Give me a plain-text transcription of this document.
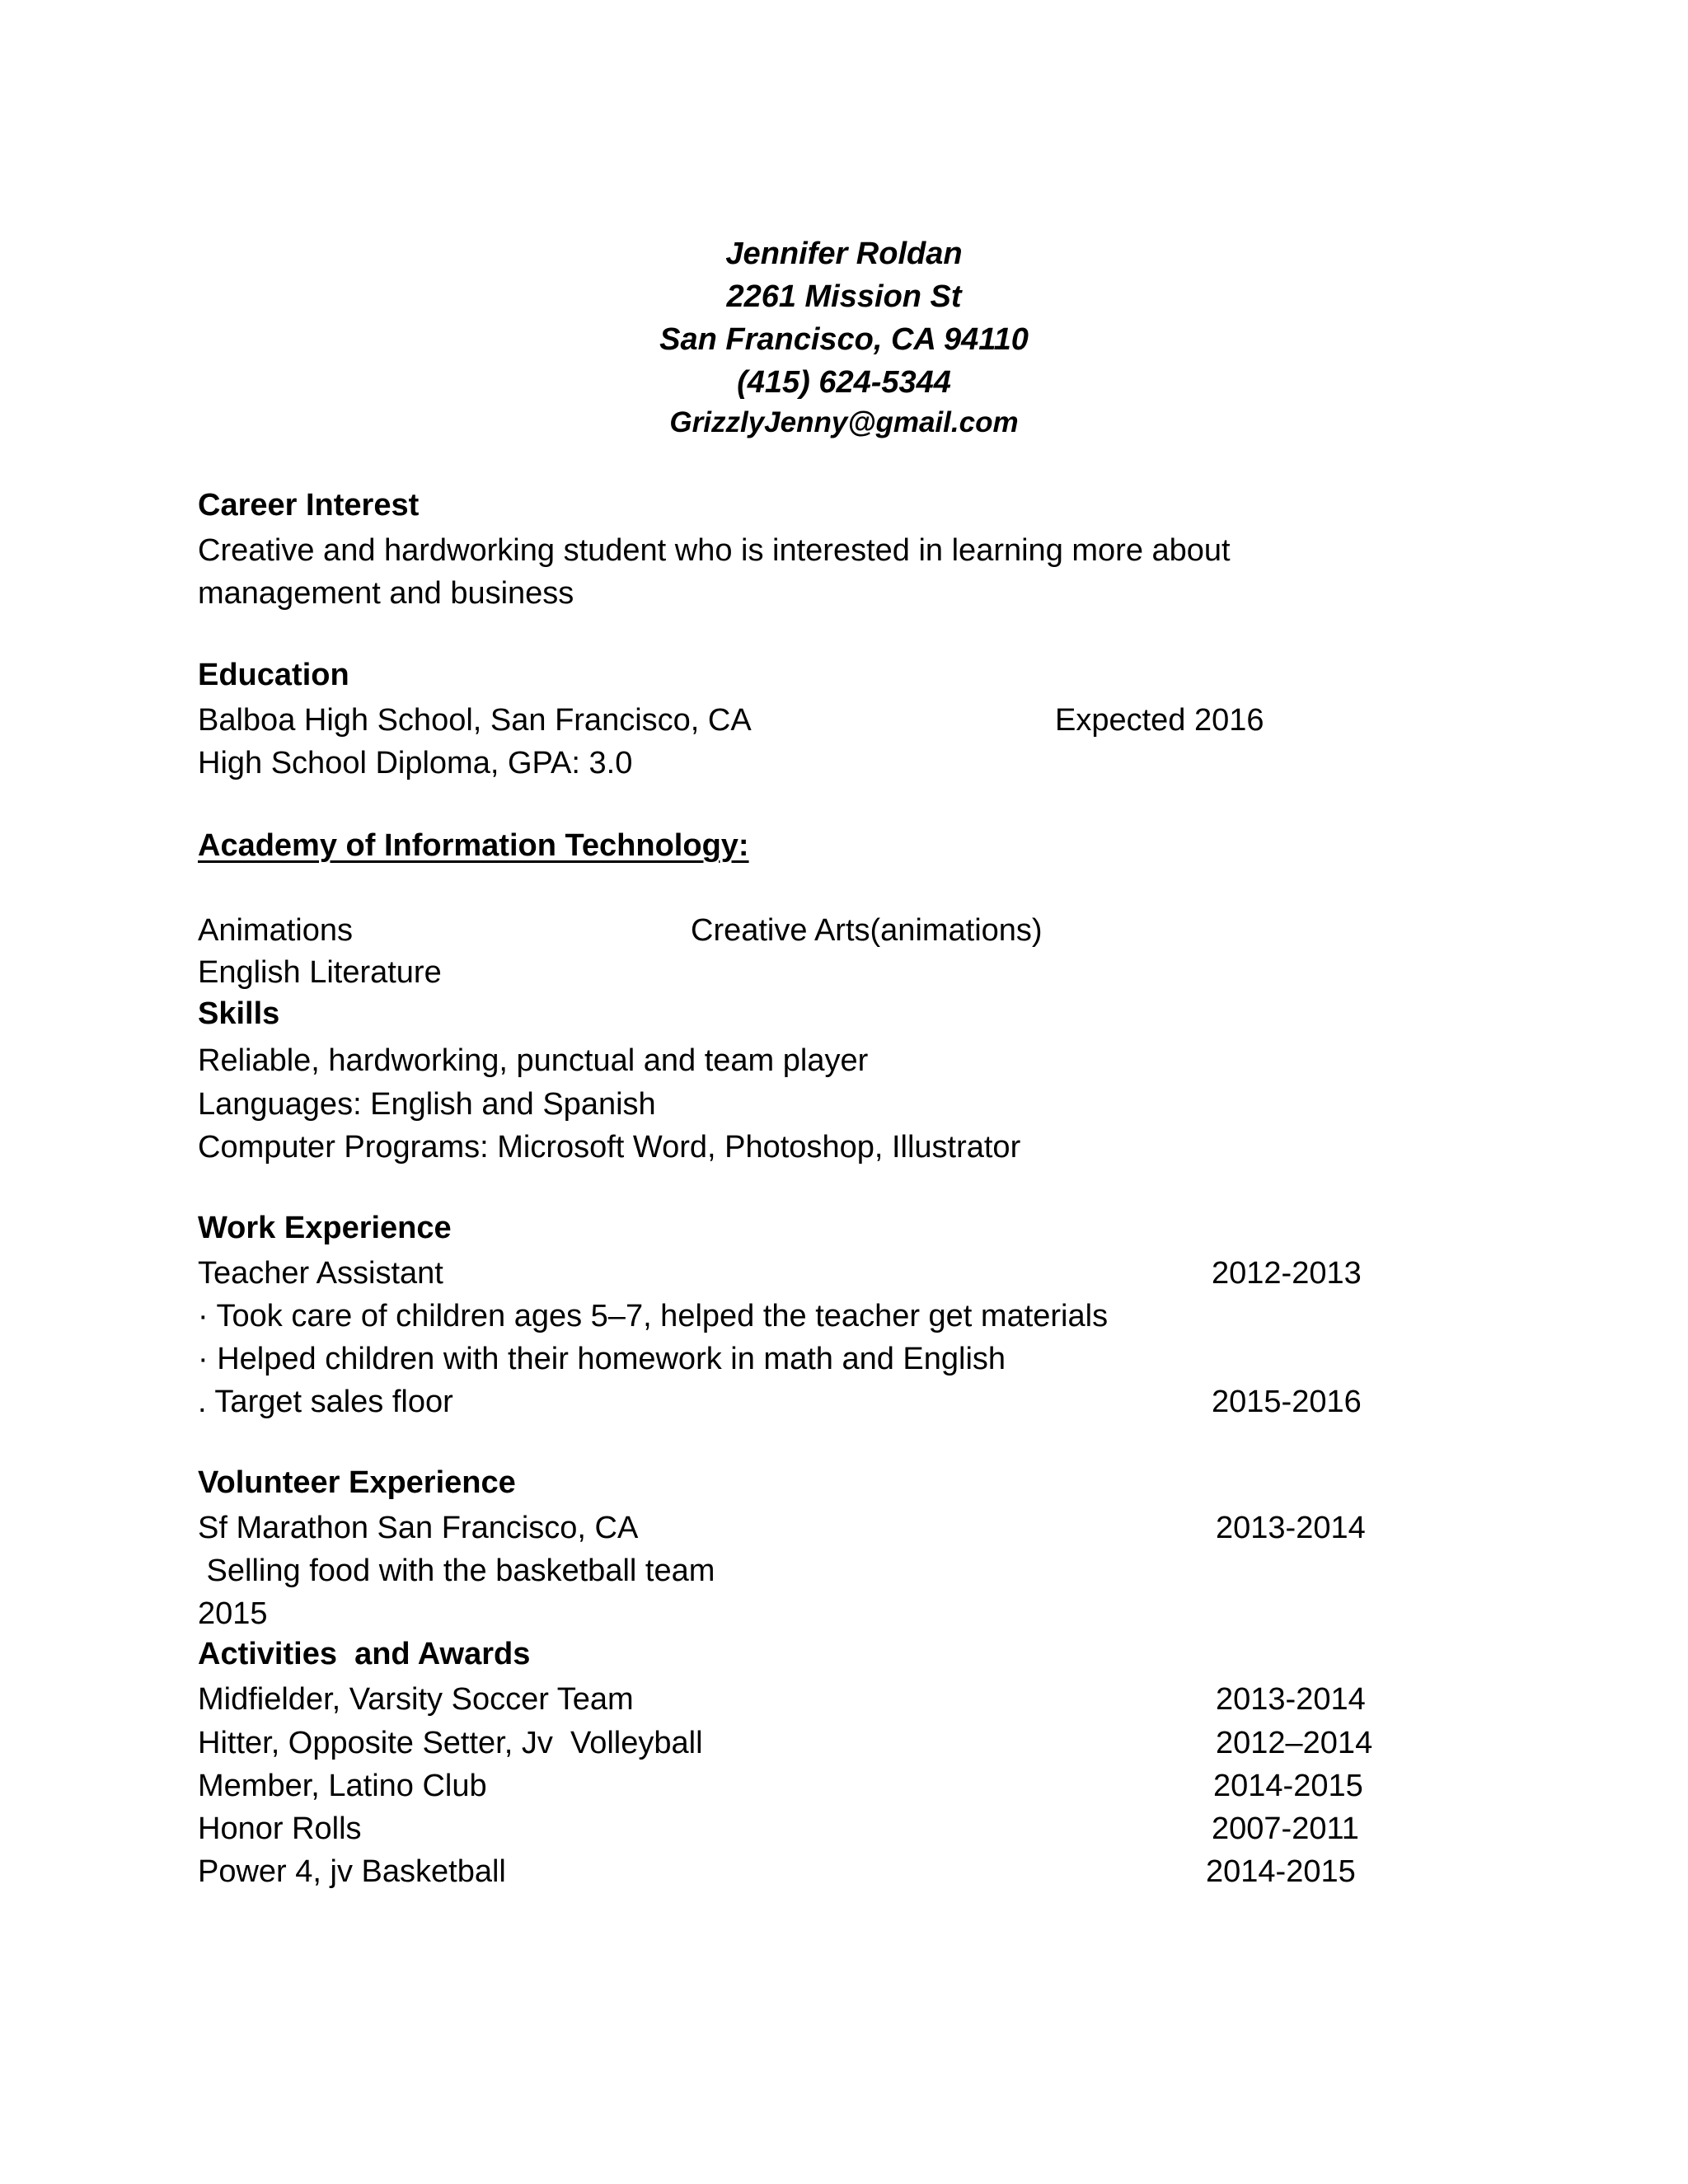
Jennifer Roldan
2261 Mission St
San Francisco, CA 94110
(415) 624-5344
GrizzlyJenny@gmail.com
Career Interest
Creative and hardworking student who is interested in learning more about
management and business
Education
Balboa High School, San Francisco, CA	Expected 2016
High School Diploma, GPA: 3.0
Academy of Information Technology:
Animations	Creative Arts(animations)
English Literature
Skills
Reliable, hardworking, punctual and team player
Languages: English and Spanish
Computer Programs: Microsoft Word, Photoshop, Illustrator
Work Experience
Teacher Assistant	2012-2013
· Took care of children ages 5–7, helped the teacher get materials
· Helped children with their homework in math and English
. Target sales floor	2015-2016
Volunteer Experience
Sf Marathon San Francisco, CA	2013-2014
Selling food with the basketball team
2015
Activities  and Awards
Midfielder, Varsity Soccer Team	2013-2014
Hitter, Opposite Setter, Jv  Volleyball	2012–2014
Member, Latino Club	2014-2015
Honor Rolls	2007-2011
Power 4, jv Basketball	2014-2015
